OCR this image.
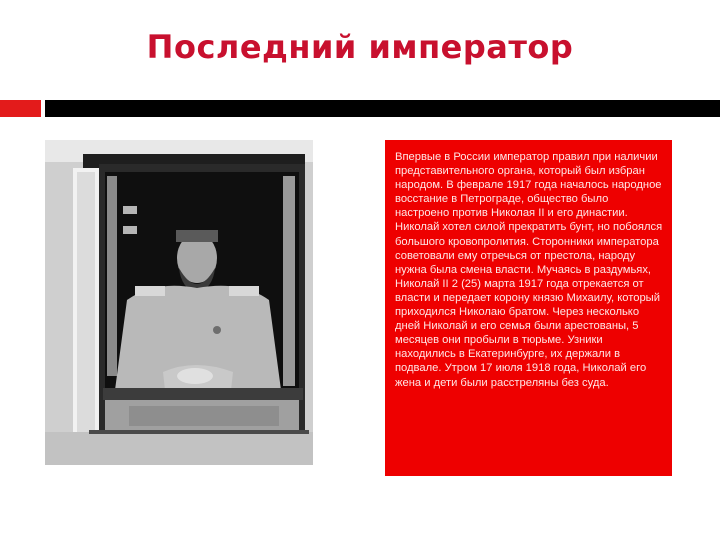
Последний император

Впервые в России император правил при наличии представительного органа, который был избран народом. В феврале 1917 года началось народное восстание в Петрограде, общество было настроено против Николая II и его династии. Николай хотел силой прекратить бунт, но побоялся большого кровопролития. Сторонники императора советовали ему отречься от престола, народу нужна была смена власти. Мучаясь в раздумьях, Николай II 2 (25) марта 1917 года отрекается от власти и передает корону князю Михаилу, который приходился Николаю братом. Через несколько дней Николай и его семья были арестованы, 5 месяцев они пробыли в тюрьме. Узники находились в Екатеринбурге, их держали в подвале. Утром 17 июля 1918 года, Николай его жена и дети были расстреляны без суда.
